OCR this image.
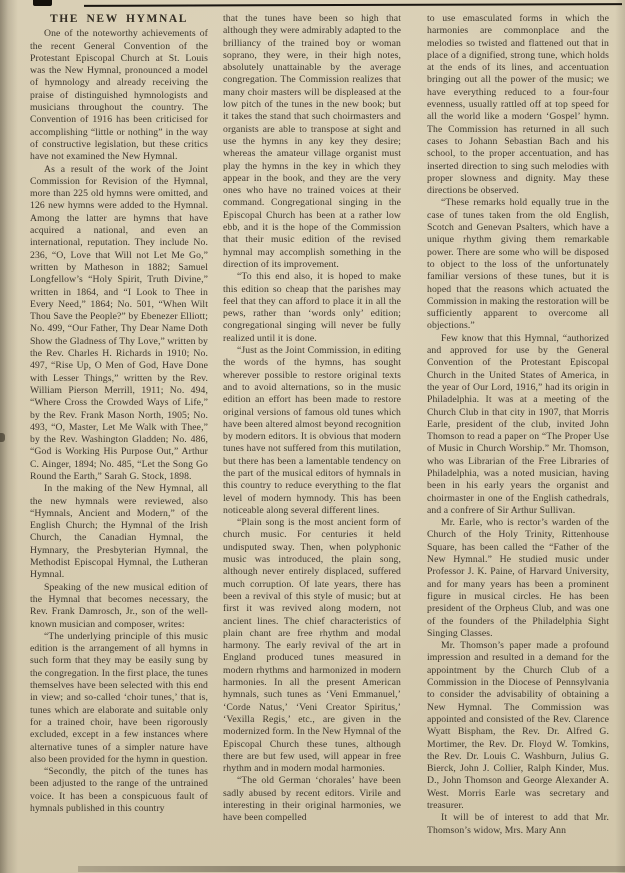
THE NEW HYMNAL

One of the noteworthy achievements of the recent General Convention of the Protestant Episcopal Church at St. Louis was the New Hymnal, pronounced a model of hymnology and already receiving the praise of distinguished hymnologists and musicians throughout the country. The Convention of 1916 has been criticised for accomplishing “little or nothing” in the way of constructive legislation, but these critics have not examined the New Hymnal.

As a result of the work of the Joint Commission for Revision of the Hymnal, more than 225 old hymns were omitted, and 126 new hymns were added to the Hymnal. Among the latter are hymns that have acquired a national, and even an international, reputation. They include No. 236, “O, Love that Will not Let Me Go,” written by Matheson in 1882; Samuel Longfellow’s “Holy Spirit, Truth Divine,” written in 1864, and “I Look to Thee in Every Need,” 1864; No. 501, “When Wilt Thou Save the People?” by Ebenezer Elliott; No. 499, “Our Father, Thy Dear Name Doth Show the Gladness of Thy Love,” written by the Rev. Charles H. Richards in 1910; No. 497, “Rise Up, O Men of God, Have Done with Lesser Things,” written by the Rev. William Pierson Merrill, 1911; No. 494, “Where Cross the Crowded Ways of Life,” by the Rev. Frank Mason North, 1905; No. 493, “O, Master, Let Me Walk with Thee,” by the Rev. Washington Gladden; No. 486, “God is Working His Purpose Out,” Arthur C. Ainger, 1894; No. 485, “Let the Song Go Round the Earth,” Sarah G. Stock, 1898.

In the making of the New Hymnal, all the new hymnals were reviewed, also “Hymnals, Ancient and Modern,” of the English Church; the Hymnal of the Irish Church, the Canadian Hymnal, the Hymnary, the Presbyterian Hymnal, the Methodist Episcopal Hymnal, the Lutheran Hymnal.

Speaking of the new musical edition of the Hymnal that becomes necessary, the Rev. Frank Damrosch, Jr., son of the well-known musician and composer, writes:

“The underlying principle of this music edition is the arrangement of all hymns in such form that they may be easily sung by the congregation. In the first place, the tunes themselves have been selected with this end in view; and so-called ‘choir tunes,’ that is, tunes which are elaborate and suitable only for a trained choir, have been rigorously excluded, except in a few instances where alternative tunes of a simpler nature have also been provided for the hymn in question.

“Secondly, the pitch of the tunes has been adjusted to the range of the untrained voice. It has been a conspicuous fault of hymnals published in this country

that the tunes have been so high that although they were admirably adapted to the brilliancy of the trained boy or woman soprano, they were, in their high notes, absolutely unattainable by the average congregation. The Commission realizes that many choir masters will be displeased at the low pitch of the tunes in the new book; but it takes the stand that such choirmasters and organists are able to transpose at sight and use the hymns in any key they desire; whereas the amateur village organist must play the hymns in the key in which they appear in the book, and they are the very ones who have no trained voices at their command. Congregational singing in the Episcopal Church has been at a rather low ebb, and it is the hope of the Commission that their music edition of the revised hymnal may accomplish something in the direction of its improvement.

“To this end also, it is hoped to make this edition so cheap that the parishes may feel that they can afford to place it in all the pews, rather than ‘words only’ edition; congregational singing will never be fully realized until it is done.

“Just as the Joint Commission, in editing the words of the hymns, has sought wherever possible to restore original texts and to avoid alternations, so in the music edition an effort has been made to restore original versions of famous old tunes which have been altered almost beyond recognition by modern editors. It is obvious that modern tunes have not suffered from this mutilation, but there has been a lamentable tendency on the part of the musical editors of hymnals in this country to reduce everything to the flat level of modern hymnody. This has been noticeable along several different lines.

“Plain song is the most ancient form of church music. For centuries it held undisputed sway. Then, when polyphonic music was introduced, the plain song, although never entirely displaced, suffered much corruption. Of late years, there has been a revival of this style of music; but at first it was revived along modern, not ancient lines. The chief characteristics of plain chant are free rhythm and modal harmony. The early revival of the art in England produced tunes measured in modern rhythms and harmonized in modern harmonies. In all the present American hymnals, such tunes as ‘Veni Emmanuel,’ ‘Corde Natus,’ ‘Veni Creator Spiritus,’ ‘Vexilla Regis,’ etc., are given in the modernized form. In the New Hymnal of the Episcopal Church these tunes, although there are but few used, will appear in free rhythm and in modern modal harmonies.

“The old German ‘chorales’ have been sadly abused by recent editors. Virile and interesting in their original harmonies, we have been compelled

to use emasculated forms in which the harmonies are commonplace and the melodies so twisted and flattened out that in place of a dignified, strong tune, which holds at the ends of its lines, and accentuation bringing out all the power of the music; we have everything reduced to a four-four evenness, usually rattled off at top speed for all the world like a modern ‘Gospel’ hymn. The Commission has returned in all such cases to Johann Sebastian Bach and his school, to the proper accentuation, and has inserted direction to sing such melodies with proper slowness and dignity. May these directions be observed.

“These remarks hold equally true in the case of tunes taken from the old English, Scotch and Genevan Psalters, which have a unique rhythm giving them remarkable power. There are some who will be disposed to object to the loss of the unfortunately familiar versions of these tunes, but it is hoped that the reasons which actuated the Commission in making the restoration will be sufficiently apparent to overcome all objections.”

Few know that this Hymnal, “authorized and approved for use by the General Convention of the Protestant Episcopal Church in the United States of America, in the year of Our Lord, 1916,” had its origin in Philadelphia. It was at a meeting of the Church Club in that city in 1907, that Morris Earle, president of the club, invited John Thomson to read a paper on “The Proper Use of Music in Church Worship.” Mr. Thomson, who was Librarian of the Free Libraries of Philadelphia, was a noted musician, having been in his early years the organist and choirmaster in one of the English cathedrals, and a confrere of Sir Arthur Sullivan.

Mr. Earle, who is rector’s warden of the Church of the Holy Trinity, Rittenhouse Square, has been called the “Father of the New Hymnal.” He studied music under Professor J. K. Paine, of Harvard University, and for many years has been a prominent figure in musical circles. He has been president of the Orpheus Club, and was one of the founders of the Philadelphia Sight Singing Classes.

Mr. Thomson’s paper made a profound impression and resulted in a demand for the appointment by the Church Club of a Commission in the Diocese of Pennsylvania to consider the advisability of obtaining a New Hymnal. The Commission was appointed and consisted of the Rev. Clarence Wyatt Bispham, the Rev. Dr. Alfred G. Mortimer, the Rev. Dr. Floyd W. Tomkins, the Rev. Dr. Louis C. Washburn, Julius G. Bierck, John J. Collier, Ralph Kinder, Mus. D., John Thomson and George Alexander A. West. Morris Earle was secretary and treasurer.

It will be of interest to add that Mr. Thomson’s widow, Mrs. Mary Ann
